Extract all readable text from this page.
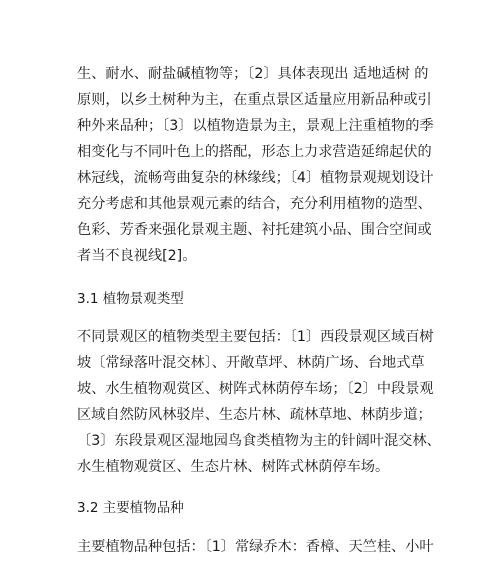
生、耐水、耐盐碱植物等；〔2〕具体表现出 适地适树 的
原则，以乡土树种为主，在重点景区适量应用新品种或引
种外来品种；〔3〕以植物造景为主，景观上注重植物的季
相变化与不同叶色上的搭配，形态上力求营造延绵起伏的
林冠线，流畅弯曲复杂的林缘线；〔4〕植物景观规划设计
充分考虑和其他景观元素的结合，充分利用植物的造型、
色彩、芳香来强化景观主题、衬托建筑小品、围合空间或
者当不良视线[2]。
3.1 植物景观类型
不同景观区的植物类型主要包括：〔1〕西段景观区域百树
坡〔常绿落叶混交林〕、开敞草坪、林荫广场、台地式草
坡、水生植物观赏区、树阵式林荫停车场；〔2〕中段景观
区域自然防风林驳岸、生态片林、疏林草地、林荫步道；
〔3〕东段景观区湿地园鸟食类植物为主的针阔叶混交林、
水生植物观赏区、生态片林、树阵式林荫停车场。
3.2 主要植物品种
主要植物品种包括：〔1〕常绿乔木：香樟、天竺桂、小叶
